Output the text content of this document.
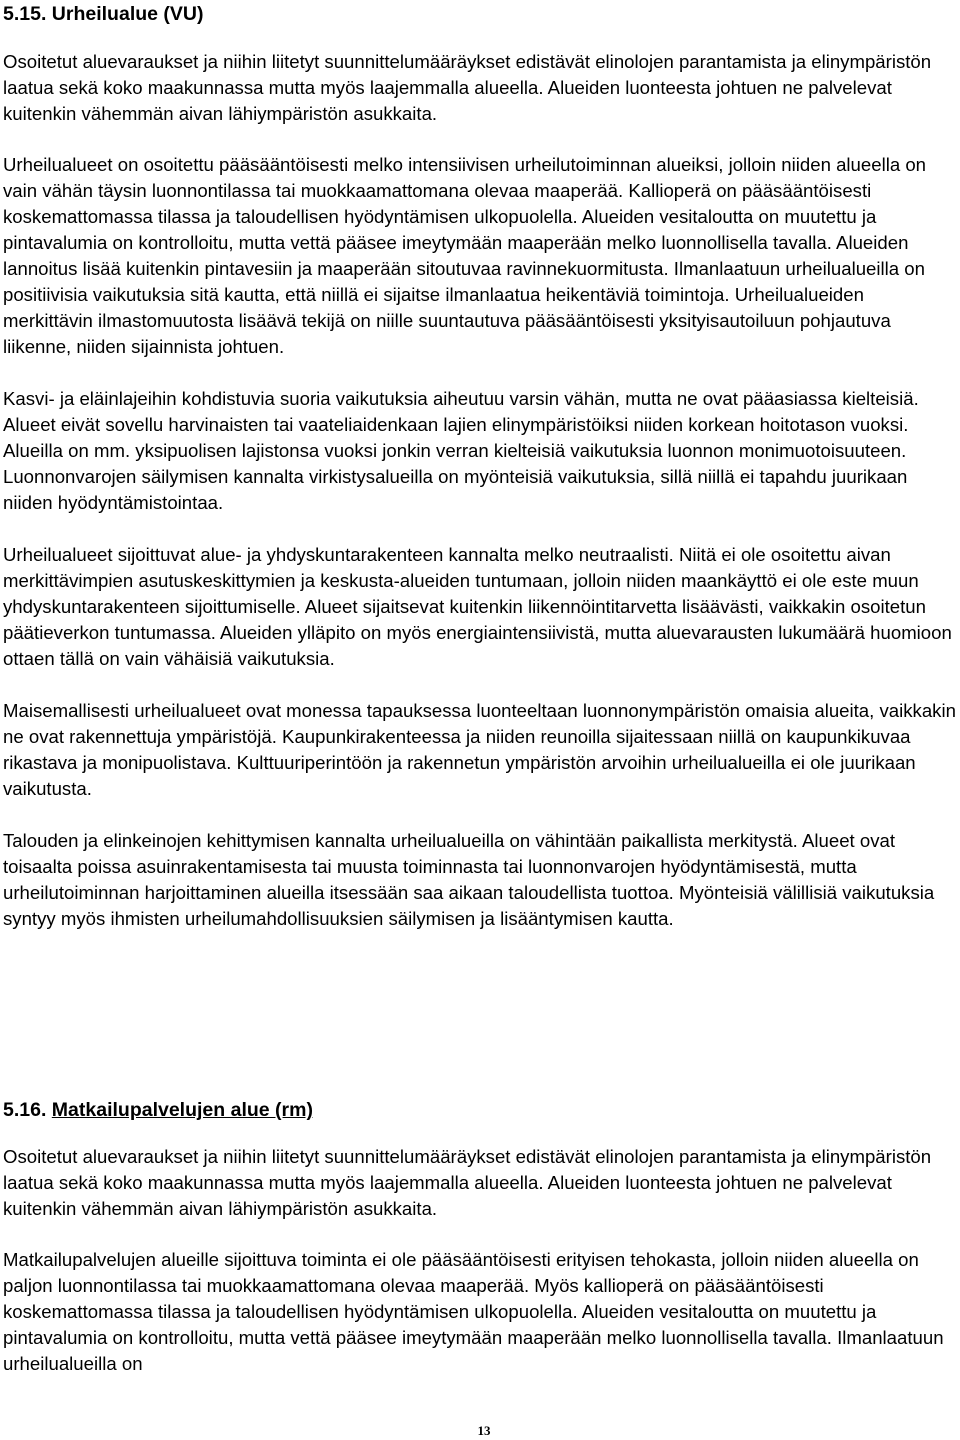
5.15. Urheilualue (VU)

Osoitetut aluevaraukset ja niihin liitetyt suunnittelumääräykset edistävät elinolojen parantamista ja elinympäristön laatua sekä koko maakunnassa mutta myös laajemmalla alueella. Alueiden luonteesta johtuen ne palvelevat kuitenkin vähemmän aivan lähiympäristön asukkaita.

Urheilualueet on osoitettu pääsääntöisesti melko intensiivisen urheilutoiminnan alueiksi, jolloin niiden alueella on vain vähän täysin luonnontilassa tai muokkaamattomana olevaa maaperää. Kallioperä on pääsääntöisesti koskemattomassa tilassa ja taloudellisen hyödyntämisen ulkopuolella. Alueiden vesitaloutta on muutettu ja pintavalumia on kontrolloitu, mutta vettä pääsee imeytymään maaperään melko luonnollisella tavalla. Alueiden lannoitus lisää kuitenkin pintavesiin ja maaperään sitoutuvaa ravinnekuormitusta. Ilmanlaatuun urheilualueilla on positiivisia vaikutuksia sitä kautta, että niillä ei sijaitse ilmanlaatua heikentäviä toimintoja. Urheilualueiden merkittävin ilmastomuutosta lisäävä tekijä on niille suuntautuva pääsääntöisesti yksityisautoiluun pohjautuva liikenne, niiden sijainnista johtuen.

Kasvi- ja eläinlajeihin kohdistuvia suoria vaikutuksia aiheutuu varsin vähän, mutta ne ovat pääasiassa kielteisiä. Alueet eivät sovellu harvinaisten tai vaateliaidenkaan lajien elinympäristöiksi niiden korkean hoitotason vuoksi. Alueilla on mm. yksipuolisen lajistonsa vuoksi jonkin verran kielteisiä vaikutuksia luonnon monimuotoisuuteen. Luonnonvarojen säilymisen kannalta virkistysalueilla on myönteisiä vaikutuksia, sillä niillä ei tapahdu juurikaan niiden hyödyntämistointaa.

Urheilualueet sijoittuvat alue- ja yhdyskuntarakenteen kannalta melko neutraalisti. Niitä ei ole osoitettu aivan merkittävimpien asutuskeskittymien ja keskusta-alueiden tuntumaan, jolloin niiden maankäyttö ei ole este muun yhdyskuntarakenteen sijoittumiselle. Alueet sijaitsevat kuitenkin liikennöintitarvetta lisäävästi, vaikkakin osoitetun päätieverkon tuntumassa. Alueiden ylläpito on myös energiaintensiivistä, mutta aluevarausten lukumäärä huomioon ottaen tällä on vain vähäisiä vaikutuksia.

Maisemallisesti urheilualueet ovat monessa tapauksessa luonteeltaan luonnonympäristön omaisia alueita, vaikkakin ne ovat rakennettuja ympäristöjä. Kaupunkirakenteessa ja niiden reunoilla sijaitessaan niillä on kaupunkikuvaa rikastava ja monipuolistava. Kulttuuriperintöön ja rakennetun ympäristön arvoihin urheilualueilla ei ole juurikaan vaikutusta.

Talouden ja elinkeinojen kehittymisen kannalta urheilualueilla on vähintään paikallista merkitystä. Alueet ovat toisaalta poissa asuinrakentamisesta tai muusta toiminnasta tai luonnonvarojen hyödyntämisestä, mutta urheilutoiminnan harjoittaminen alueilla itsessään saa aikaan taloudellista tuottoa. Myönteisiä välillisiä vaikutuksia syntyy myös ihmisten urheilumahdollisuuksien säilymisen ja lisääntymisen kautta.

5.16. Matkailupalvelujen alue (rm)

Osoitetut aluevaraukset ja niihin liitetyt suunnittelumääräykset edistävät elinolojen parantamista ja elinympäristön laatua sekä koko maakunnassa mutta myös laajemmalla alueella. Alueiden luonteesta johtuen ne palvelevat kuitenkin vähemmän aivan lähiympäristön asukkaita.

Matkailupalvelujen alueille sijoittuva toiminta ei ole pääsääntöisesti erityisen tehokasta, jolloin niiden alueella on paljon luonnontilassa tai muokkaamattomana olevaa maaperää. Myös kallioperä on pääsääntöisesti koskemattomassa tilassa ja taloudellisen hyödyntämisen ulkopuolella. Alueiden vesitaloutta on muutettu ja pintavalumia on kontrolloitu, mutta vettä pääsee imeytymään maaperään melko luonnollisella tavalla. Ilmanlaatuun urheilualueilla on

13
